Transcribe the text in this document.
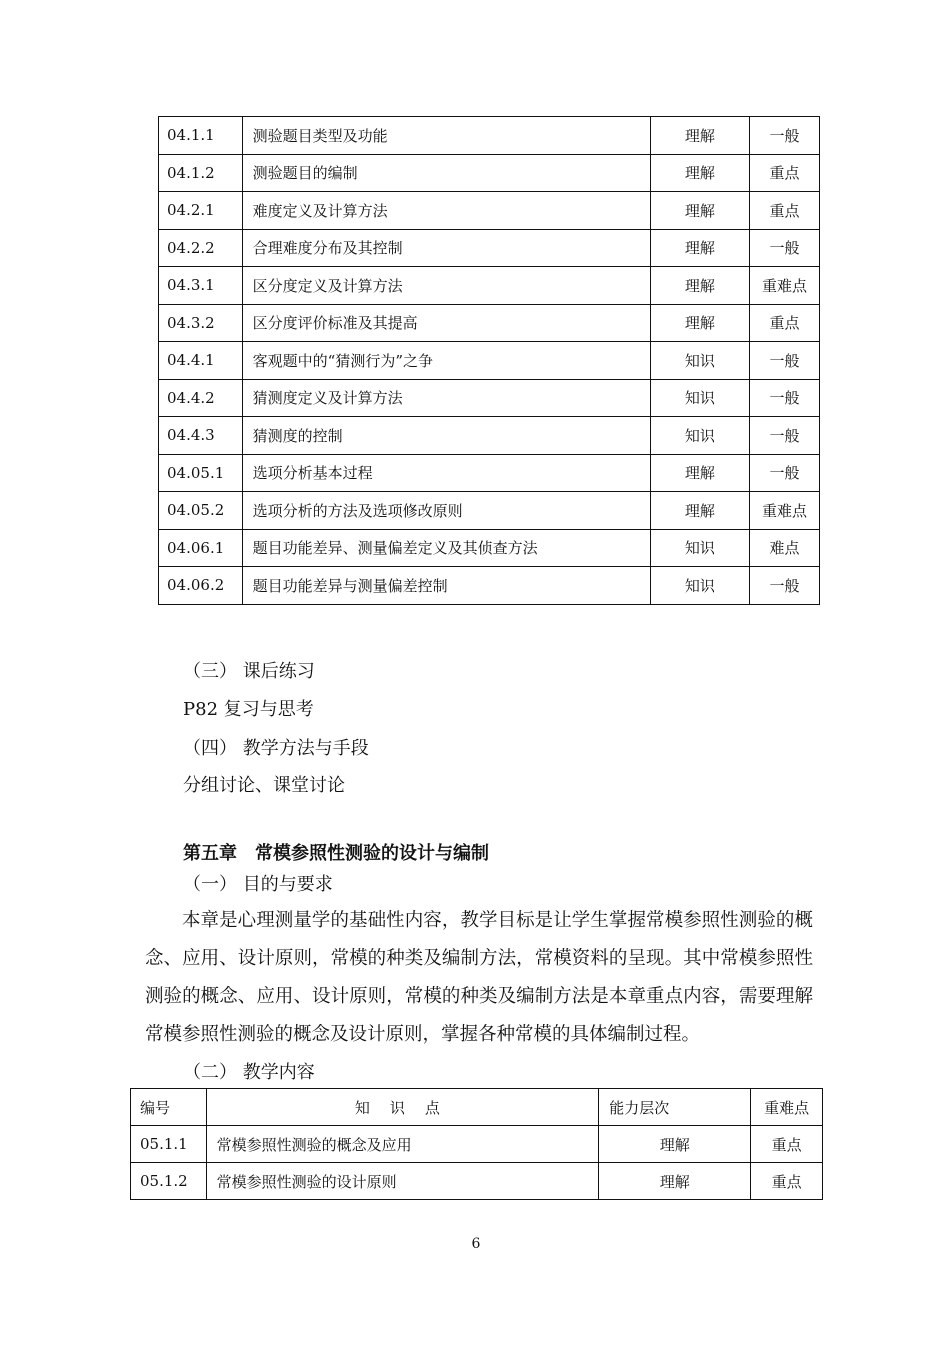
04.1.1	测验题目类型及功能	理解	一般
04.1.2	测验题目的编制	理解	重点
04.2.1	难度定义及计算方法	理解	重点
04.2.2	合理难度分布及其控制	理解	一般
04.3.1	区分度定义及计算方法	理解	重难点
04.3.2	区分度评价标准及其提高	理解	重点
04.4.1	客观题中的“猜测行为”之争	知识	一般
04.4.2	猜测度定义及计算方法	知识	一般
04.4.3	猜测度的控制	知识	一般
04.05.1	选项分析基本过程	理解	一般
04.05.2	选项分析的方法及选项修改原则	理解	重难点
04.06.1	题目功能差异、测量偏差定义及其侦查方法	知识	难点
04.06.2	题目功能差异与测量偏差控制	知识	一般
（三） 课后练习
P82 复习与思考
（四） 教学方法与手段
分组讨论、课堂讨论
第五章　常模参照性测验的设计与编制
（一） 目的与要求
本章是心理测量学的基础性内容，教学目标是让学生掌握常模参照性测验的概念、应用、设计原则，常模的种类及编制方法，常模资料的呈现。其中常模参照性测验的概念、应用、设计原则，常模的种类及编制方法是本章重点内容，需要理解常模参照性测验的概念及设计原则，掌握各种常模的具体编制过程。
（二） 教学内容
编号	知识点	能力层次	重难点
05.1.1	常模参照性测验的概念及应用	理解	重点
05.1.2	常模参照性测验的设计原则	理解	重点
6
